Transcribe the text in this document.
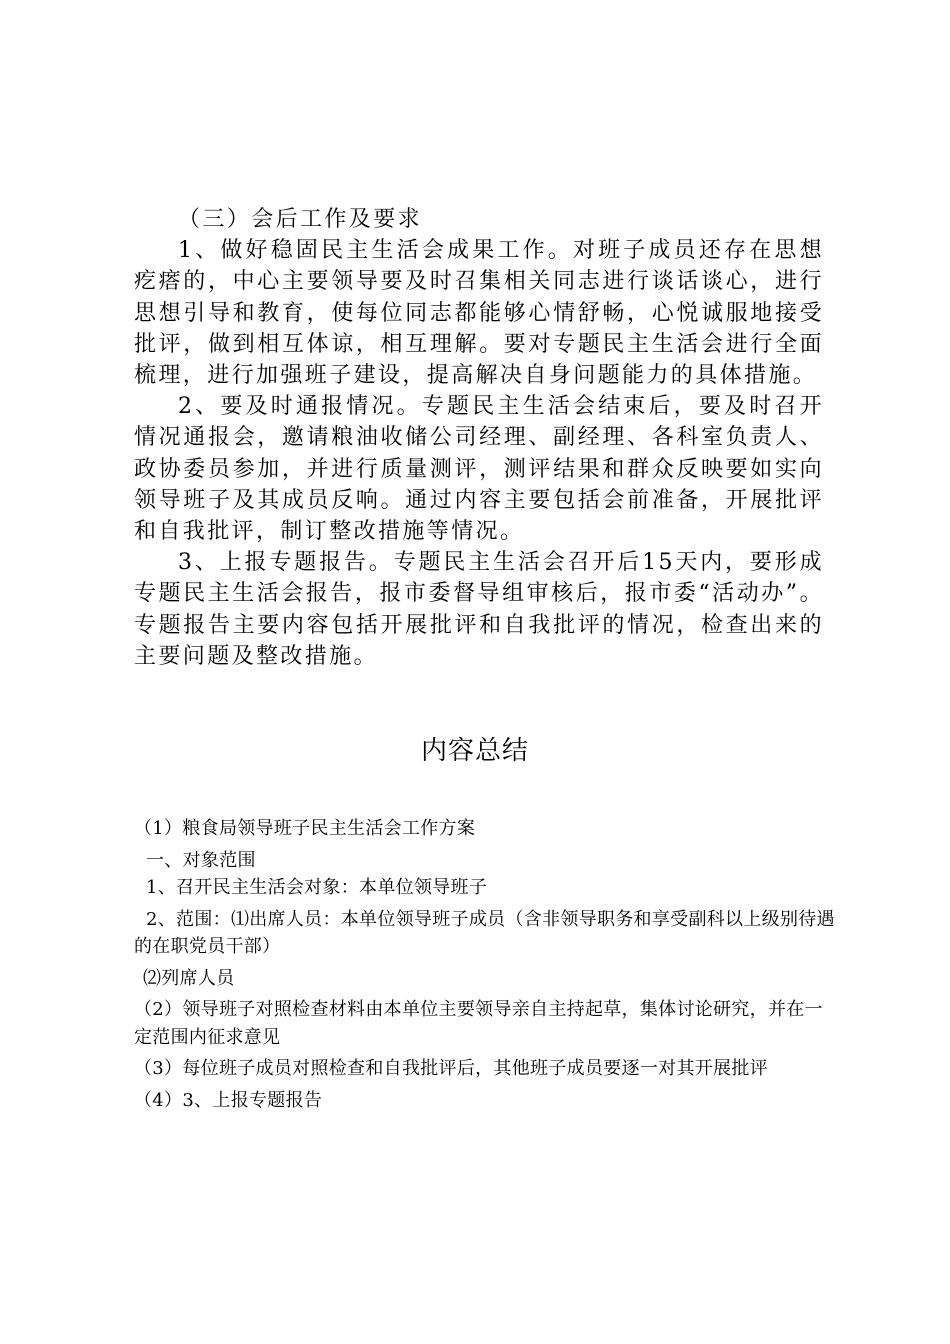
（三）会后工作及要求

1、做好稳固民主生活会成果工作。对班子成员还存在思想疙瘩的，中心主要领导要及时召集相关同志进行谈话谈心，进行思想引导和教育，使每位同志都能够心情舒畅，心悦诚服地接受批评，做到相互体谅，相互理解。要对专题民主生活会进行全面梳理，进行加强班子建设，提高解决自身问题能力的具体措施。

2、要及时通报情况。专题民主生活会结束后，要及时召开情况通报会，邀请粮油收储公司经理、副经理、各科室负责人、政协委员参加，并进行质量测评，测评结果和群众反映要如实向领导班子及其成员反响。通过内容主要包括会前准备，开展批评和自我批评，制订整改措施等情况。

3、上报专题报告。专题民主生活会召开后15天内，要形成专题民主生活会报告，报市委督导组审核后，报市委“活动办”。专题报告主要内容包括开展批评和自我批评的情况，检查出来的主要问题及整改措施。

内容总结

（1）粮食局领导班子民主生活会工作方案

一、对象范围

1、召开民主生活会对象：本单位领导班子

2、范围：⑴出席人员：本单位领导班子成员（含非领导职务和享受副科以上级别待遇的在职党员干部）

⑵列席人员

（2）领导班子对照检查材料由本单位主要领导亲自主持起草，集体讨论研究，并在一定范围内征求意见

（3）每位班子成员对照检查和自我批评后，其他班子成员要逐一对其开展批评

（4）3、上报专题报告
